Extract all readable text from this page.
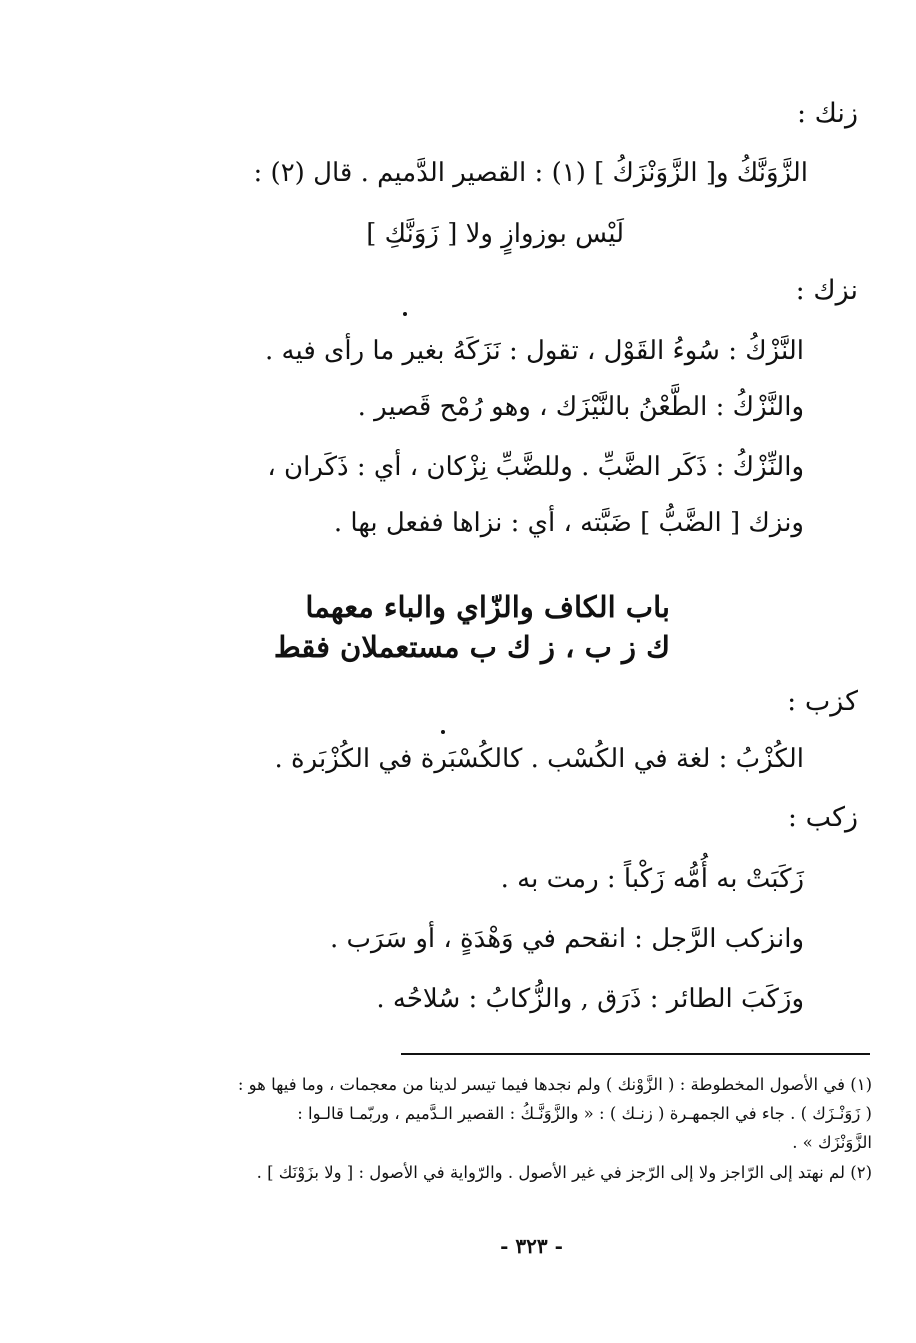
زنك :
الزَّوَنَّكُ و[ الزَّوَنْزَكُ ] (١) : القصير الدَّميم . قال (٢) :
لَيْس بوزوازٍ ولا [ زَوَنَّكِ ]
نزك :
النَّزْكُ : سُوءُ القَوْل ، تقول : نَزَكَهُ بغير ما رأى فيه .
والنَّزْكُ : الطَّعْنُ بالنَّيْزَك ، وهو رُمْح قَصير .
والنِّزْكُ : ذَكَر الضَّبِّ . وللضَّبِّ نِزْكان ، أي : ذَكَران ،
ونزك [ الضَّبُّ ] ضَبَّته ، أي : نزاها ففعل بها .
باب الكاف والزّاي والباء معهما
ك ز ب ، ز ك ب مستعملان فقط
كزب :
الكُزْبُ : لغة في الكُسْب . كالكُسْبَرة في الكُزْبَرة .
زكب :
زَكَبَتْ به أُمُّه زَكْباً : رمت به .
وانزكب الرَّجل : انقحم في وَهْدَةٍ ، أو سَرَب .
وزَكَبَ الطائر : ذَرَق , والزُّكابُ : سُلاحُه .
(١) في الأصول المخطوطة : ( الزَّوْنك ) ولم نجدها فيما تيسر لدينا من معجمات ، وما فيها هو :
( زَوَنْـزَك ) . جاء في الجمهـرة ( زنـك ) : « والزَّوَنَّـكُ : القصير الـدَّميم ، وربّمـا قالـوا :
الزَّوَنْزَك » .
(٢) لم نهتد إلى الرّاجز ولا إلى الرّجز في غير الأصول . والرّواية في الأصول : [ ولا بزَوْنَك ] .
- ٣٢٣ -
